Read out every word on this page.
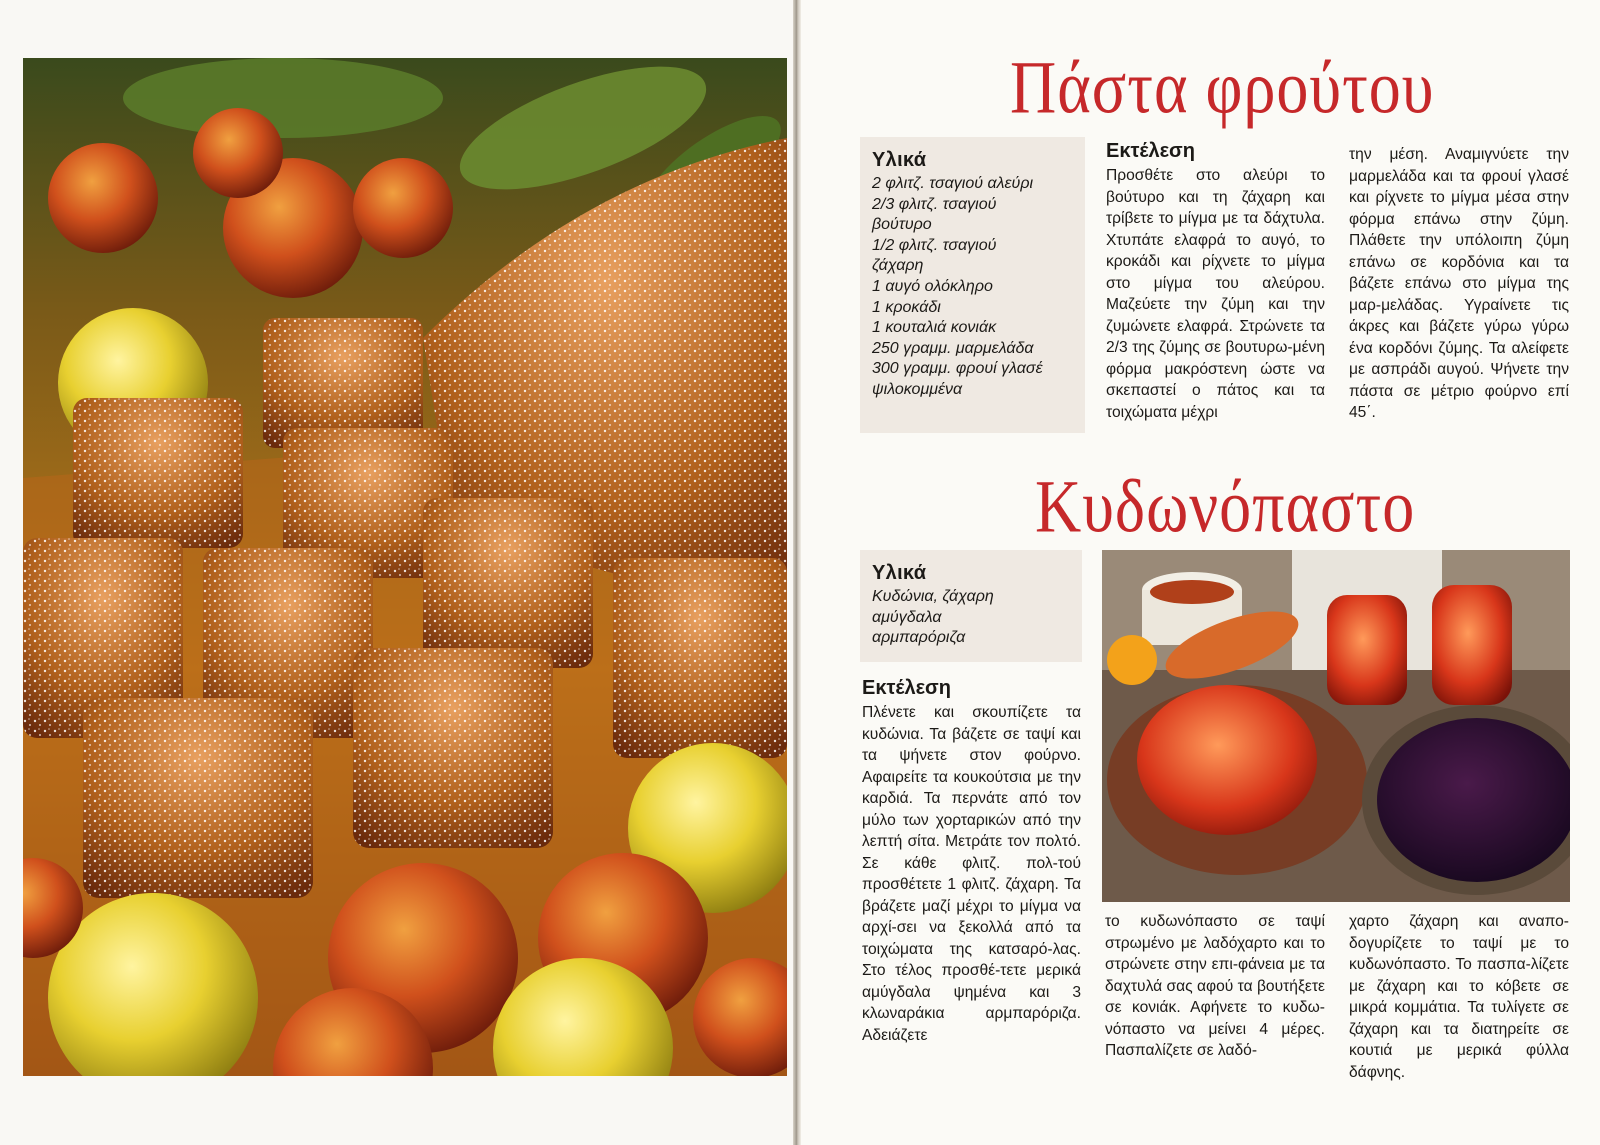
Πάστα φρούτου
Υλικά
2 φλιτζ. τσαγιού αλεύρι
2/3 φλιτζ. τσαγιού
βούτυρο
1/2 φλιτζ. τσαγιού
ζάχαρη
1 αυγό ολόκληρο
1 κροκάδι
1 κουταλιά κονιάκ
250 γραμμ. μαρμελάδα
300 γραμμ. φρουί γλασέ
ψιλοκομμένα
Εκτέλεση

Προσθέτε στο αλεύρι το βούτυρο και τη ζάχαρη και τρίβετε το μίγμα με τα δάχτυλα. Χτυπάτε ελαφρά το αυγό, το κροκάδι και ρίχνετε το μίγμα στο μίγμα του αλεύρου. Μαζεύετε την ζύμη και την ζυμώνετε ελαφρά. Στρώνετε τα 2/3 της ζύμης σε βουτυρω-μένη φόρμα μακρόστενη ώστε να σκεπαστεί ο πάτος και τα τοιχώματα μέχρι

την μέση. Αναμιγνύετε την μαρμελάδα και τα φρουί γλασέ και ρίχνετε το μίγμα μέσα στην φόρμα επάνω στην ζύμη. Πλάθετε την υπόλοιπη ζύμη επάνω σε κορδόνια και τα βάζετε επάνω στο μίγμα της μαρ-μελάδας. Υγραίνετε τις άκρες και βάζετε γύρω γύρω ένα κορδόνι ζύμης. Τα αλείφετε με ασπράδι αυγού. Ψήνετε την πάστα σε μέτριο φούρνο επί 45΄.

Κυδωνόπαστο
Υλικά
Κυδώνια, ζάχαρη
αμύγδαλα
αρμπαρόριζα
Εκτέλεση

Πλένετε και σκουπίζετε τα κυδώνια. Τα βάζετε σε ταψί και τα ψήνετε στον φούρνο. Αφαιρείτε τα κουκούτσια με την καρδιά. Τα περνάτε από τον μύλο των χορταρικών από την λεπτή σίτα. Μετράτε τον πολτό. Σε κάθε φλιτζ. πολ-τού προσθέτετε 1 φλιτζ. ζάχαρη. Τα βράζετε μαζί μέχρι το μίγμα να αρχί-σει να ξεκολλά από τα τοιχώματα της κατσαρό-λας. Στο τέλος προσθέ-τετε μερικά αμύγδαλα ψημένα και 3 κλωναράκια αρμπαρόριζα. Αδειάζετε

το κυδωνόπαστο σε ταψί στρωμένο με λαδόχαρτο και το στρώνετε στην επι-φάνεια με τα δαχτυλά σας αφού τα βουτήξετε σε κονιάκ. Αφήνετε το κυδω-νόπαστο να μείνει 4 μέρες. Πασπαλίζετε σε λαδό-

χαρτο ζάχαρη και αναπο-δογυρίζετε το ταψί με το κυδωνόπαστο. Το πασπα-λίζετε με ζάχαρη και το κόβετε σε μικρά κομμάτια. Τα τυλίγετε σε ζάχαρη και τα διατηρείτε σε κουτιά με μερικά φύλλα δάφνης.
